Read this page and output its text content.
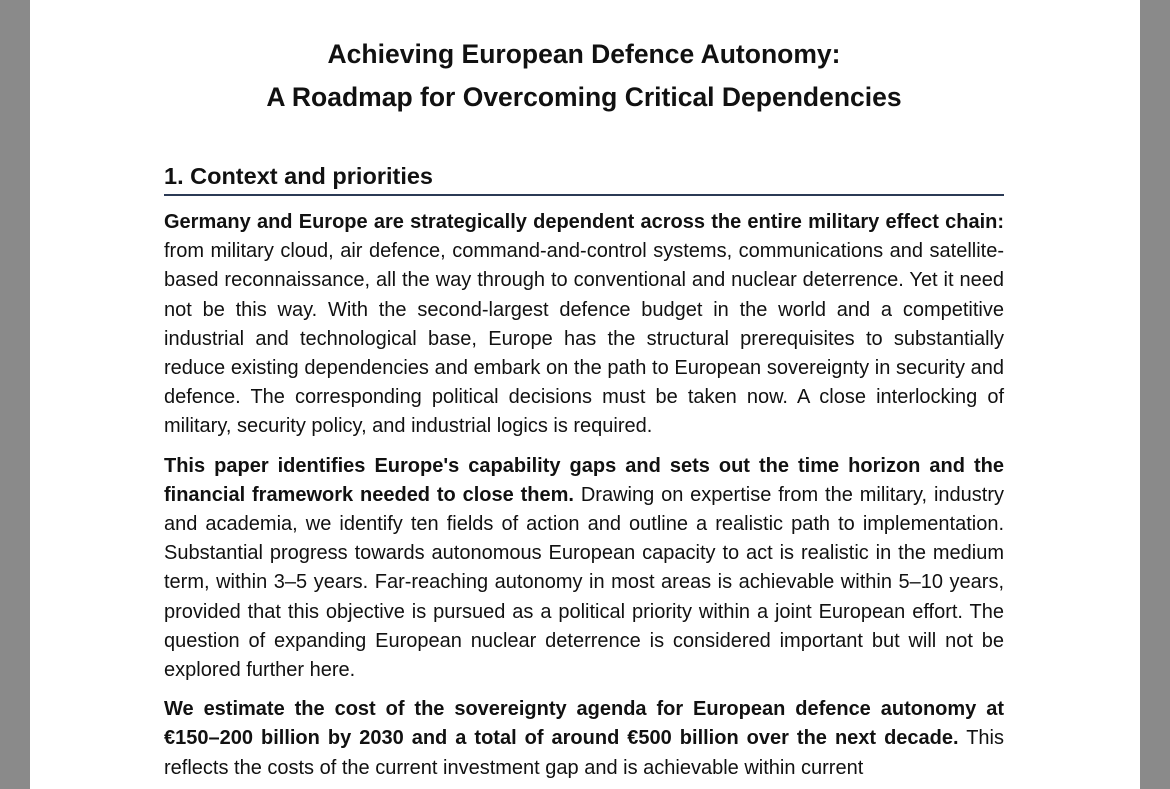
Achieving European Defence Autonomy:
A Roadmap for Overcoming Critical Dependencies
1. Context and priorities

Germany and Europe are strategically dependent across the entire military effect chain: from military cloud, air defence, command-and-control systems, communications and satellite-based reconnaissance, all the way through to conventional and nuclear deterrence. Yet it need not be this way. With the second-largest defence budget in the world and a competitive industrial and technological base, Europe has the structural prerequisites to substantially reduce existing dependencies and embark on the path to European sovereignty in security and defence. The corresponding political decisions must be taken now. A close interlocking of military, security policy, and industrial logics is required.

This paper identifies Europe's capability gaps and sets out the time horizon and the financial framework needed to close them. Drawing on expertise from the military, industry and academia, we identify ten fields of action and outline a realistic path to implementation. Substantial progress towards autonomous European capacity to act is realistic in the medium term, within 3–5 years. Far-reaching autonomy in most areas is achievable within 5–10 years, provided that this objective is pursued as a political priority within a joint European effort. The question of expanding European nuclear deterrence is considered important but will not be explored further here.

We estimate the cost of the sovereignty agenda for European defence autonomy at €150–200 billion by 2030 and a total of around €500 billion over the next decade. This reflects the costs of the current investment gap and is achievable within current
